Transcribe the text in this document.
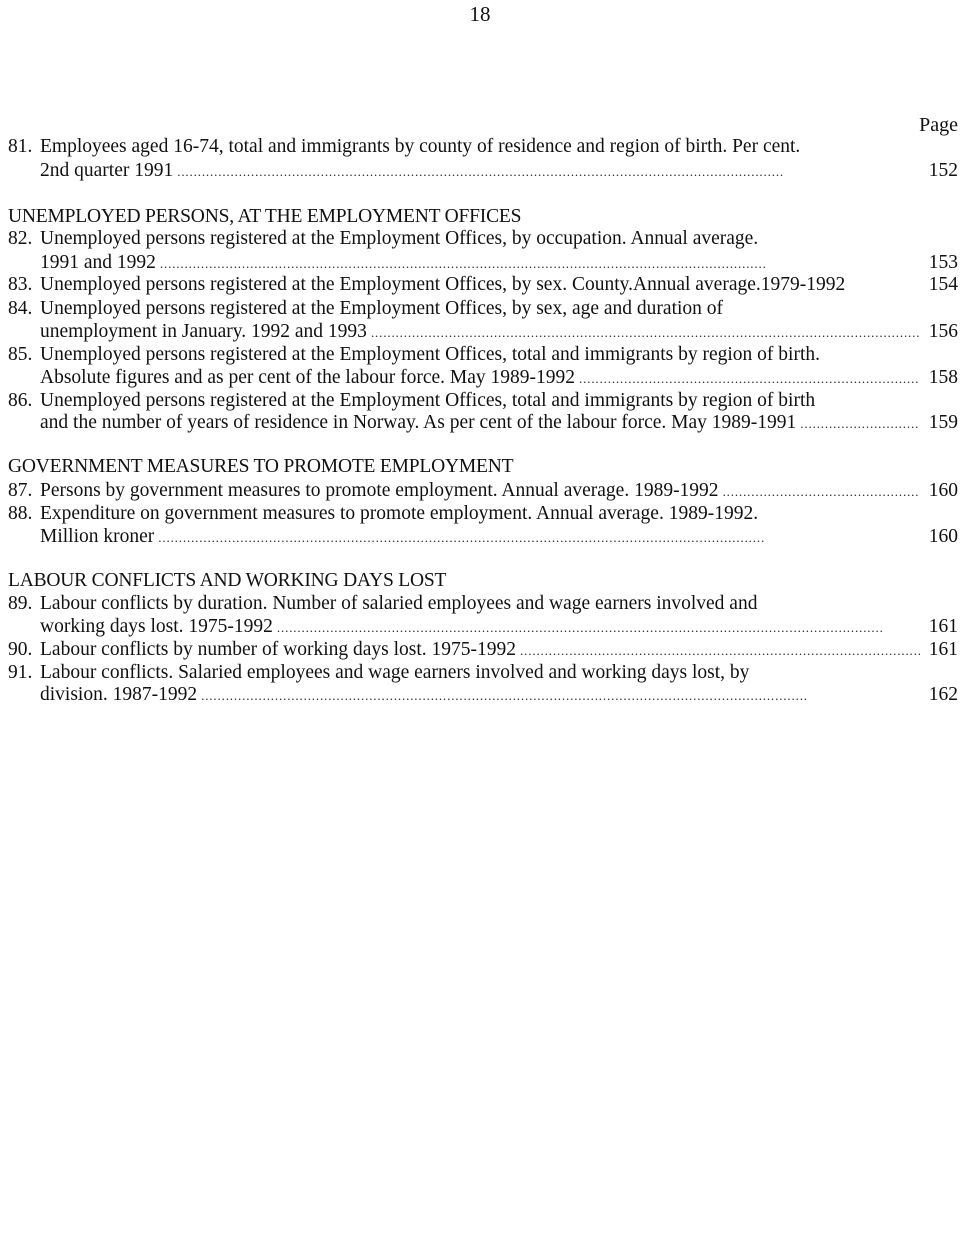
18
Page
81. Employees aged 16-74, total and immigrants by county of residence and region of birth. Per cent.
2nd quarter 1991 . . .	152
UNEMPLOYED PERSONS, AT THE EMPLOYMENT OFFICES
82. Unemployed persons registered at the Employment Offices, by occupation. Annual average.
1991 and 1992 . . .	153
83. Unemployed persons registered at the Employment Offices, by sex. County.Annual average.1979-1992	154
84. Unemployed persons registered at the Employment Offices, by sex, age and duration of
unemployment in January. 1992 and 1993 . . .	156
85. Unemployed persons registered at the Employment Offices, total and immigrants by region of birth.
Absolute figures and as per cent of the labour force. May 1989-1992 . . .	158
86. Unemployed persons registered at the Employment Offices, total and immigrants by region of birth
and the number of years of residence in Norway. As per cent of the labour force. May 1989-1991 . . .	159
GOVERNMENT MEASURES TO PROMOTE EMPLOYMENT
87. Persons by government measures to promote employment. Annual average. 1989-1992 . . .	160
88. Expenditure on government measures to promote employment. Annual average. 1989-1992.
Million kroner . . .	160
LABOUR CONFLICTS AND WORKING DAYS LOST
89. Labour conflicts by duration. Number of salaried employees and wage earners involved and
working days lost. 1975-1992 . . .	161
90. Labour conflicts by number of working days lost. 1975-1992 . . .	161
91. Labour conflicts. Salaried employees and wage earners involved and working days lost, by
division. 1987-1992 . . .	162
